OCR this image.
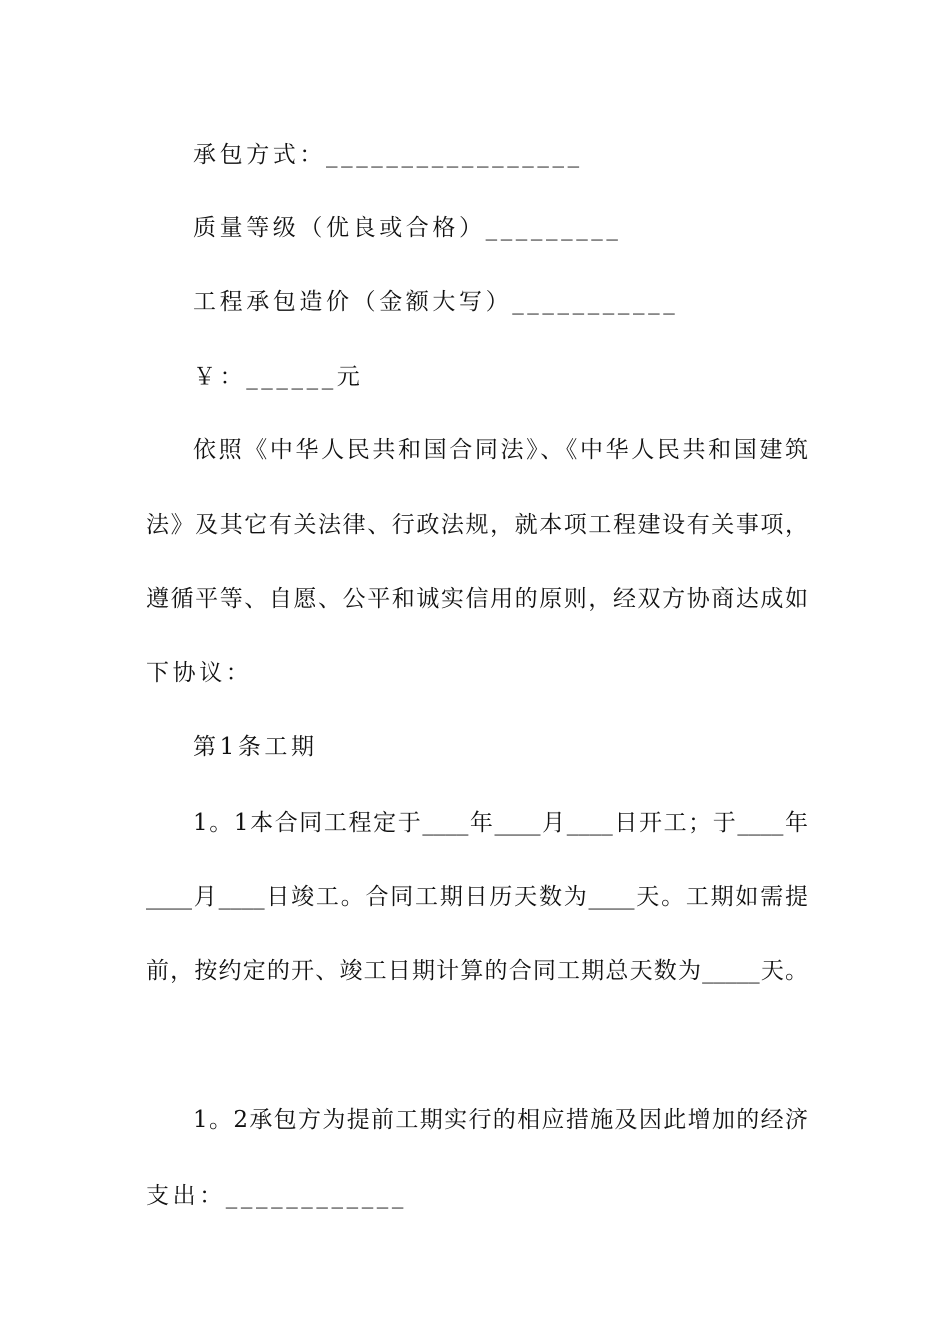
承包方式：_________________
质量等级（优良或合格）_________
工程承包造价（金额大写）___________
￥：______元
依照《中华人民共和国合同法》、《中华人民共和国建筑
法》及其它有关法律、行政法规，就本项工程建设有关事项，
遵循平等、自愿、公平和诚实信用的原则，经双方协商达成如
下协议：
第1条工期
1。1本合同工程定于____年____月____日开工；于____年
____月____日竣工。合同工期日历天数为____天。工期如需提
前，按约定的开、竣工日期计算的合同工期总天数为_____天。
1。2承包方为提前工期实行的相应措施及因此增加的经济
支出：____________
